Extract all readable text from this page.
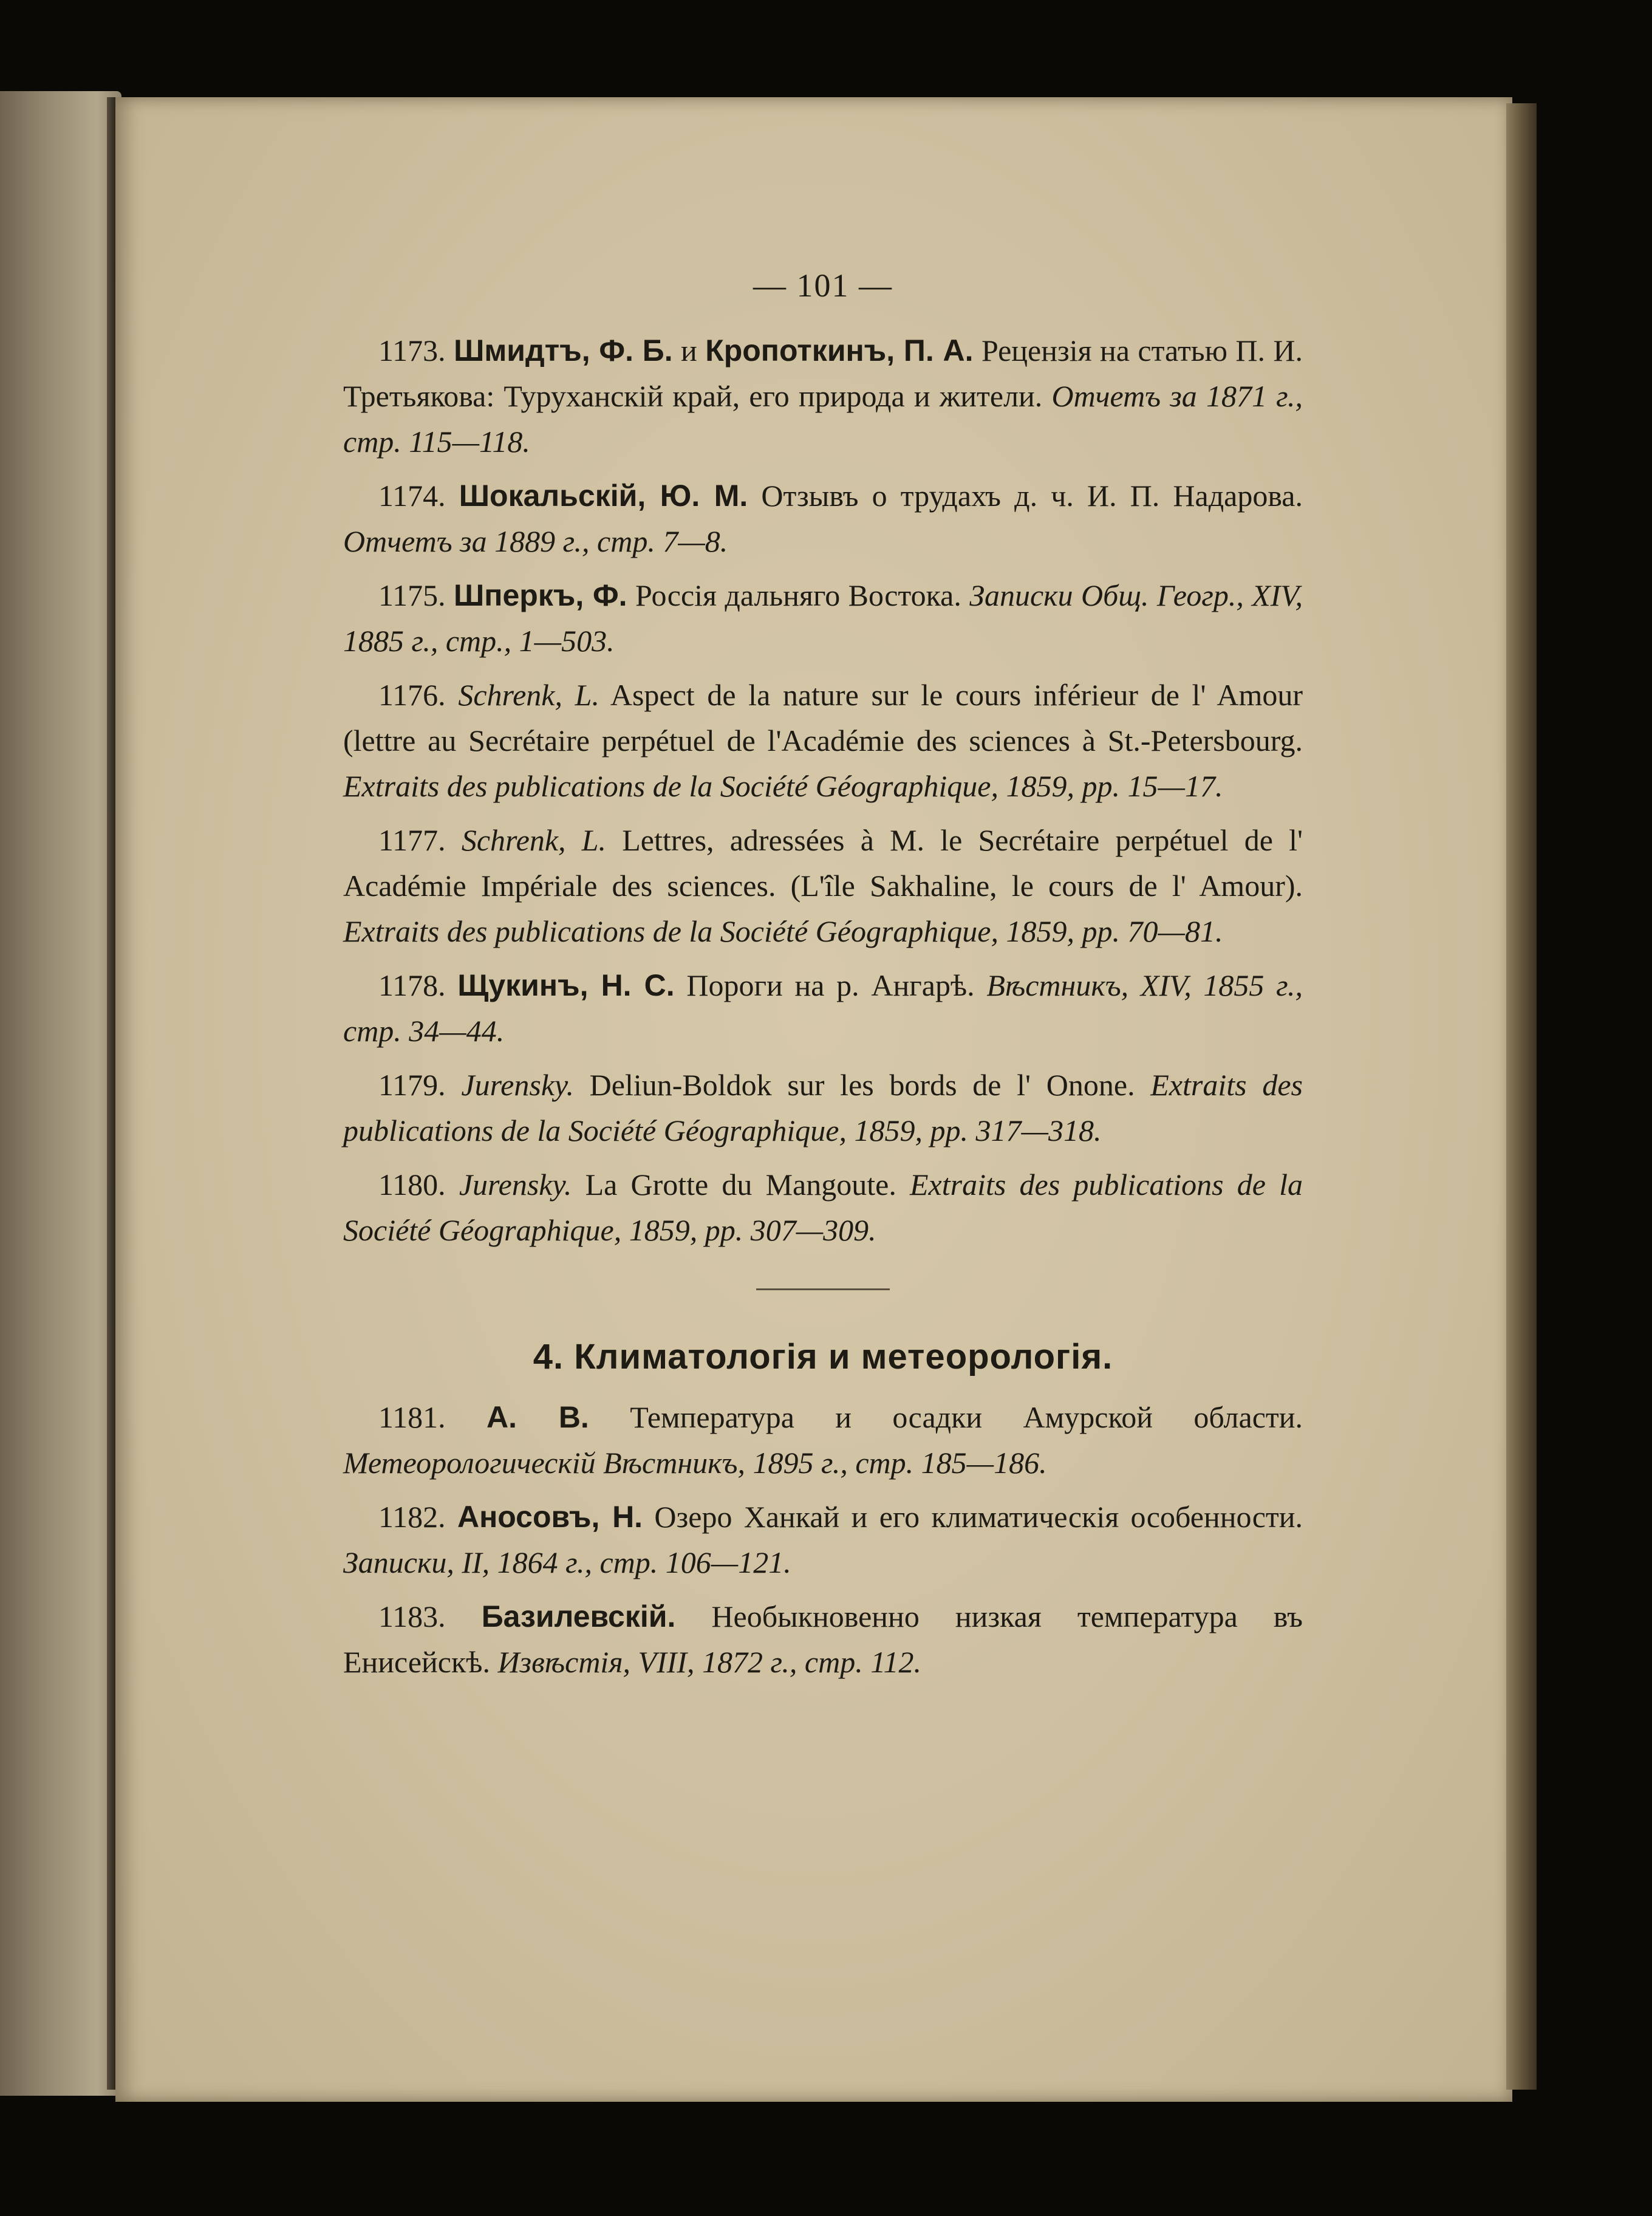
— 101 —

1173. Шмидтъ, Ф. Б. и Кропоткинъ, П. А. Рецензія на статью П. И. Третьякова: Туруханскій край, его природа и жители. Отчетъ за 1871 г., стр. 115—118.

1174. Шокальскій, Ю. М. Отзывъ о трудахъ д. ч. И. П. Надарова. Отчетъ за 1889 г., стр. 7—8.

1175. Шперкъ, Ф. Россія дальняго Востока. Записки Общ. Геогр., XIV, 1885 г., стр., 1—503.

1176. Schrenk, L. Aspect de la nature sur le cours inférieur de l' Amour (lettre au Secrétaire perpétuel de l'Académie des sciences à St.-Petersbourg. Extraits des publications de la Société Géographique, 1859, pp. 15—17.

1177. Schrenk, L. Lettres, adressées à M. le Secrétaire perpétuel de l' Académie Impériale des sciences. (L'île Sakhaline, le cours de l' Amour). Extraits des publications de la Société Géographique, 1859, pp. 70—81.

1178. Щукинъ, Н. С. Пороги на р. Ангарѣ. Вѣстникъ, XIV, 1855 г., стр. 34—44.

1179. Jurensky. Deliun-Boldok sur les bords de l' Onone. Extraits des publications de la Société Géographique, 1859, pp. 317—318.

1180. Jurensky. La Grotte du Mangoute. Extraits des publications de la Société Géographique, 1859, pp. 307—309.

4. Климатологія и метеорологія.

1181. А. В. Температура и осадки Амурской области. Метеорологическій Вѣстникъ, 1895 г., стр. 185—186.

1182. Аносовъ, Н. Озеро Ханкай и его климатическія особенности. Записки, II, 1864 г., стр. 106—121.

1183. Базилевскій. Необыкновенно низкая температура въ Енисейскѣ. Извѣстія, VIII, 1872 г., стр. 112.
